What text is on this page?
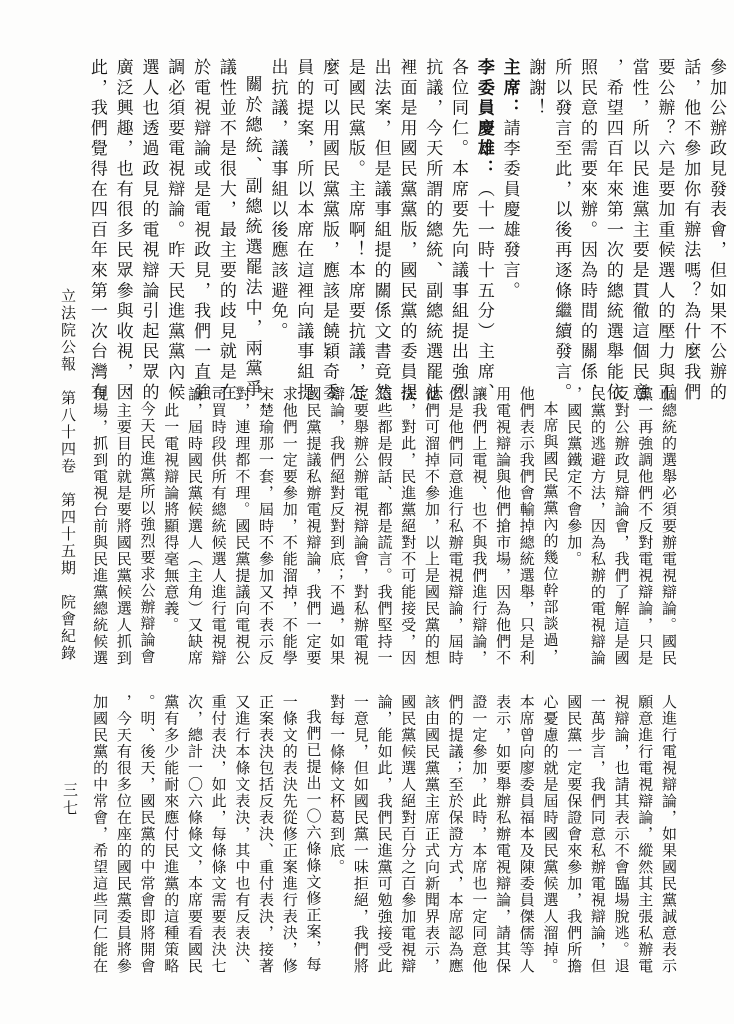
立法院公報　第八十四卷　第四十五期　院會紀錄
三七

參加公辦政見發表會，但如果不公辦的話，他不參加你有辦法嗎？為什麼我們要公辦？六是要加重候選人的壓力與正當性，所以民進黨主要是貫徹這個民意，希望四百年來第一次的總統選舉能依照民意的需要來辦。因為時間的關係，所以發言至此，以後再逐條繼續發言。謝謝！

主席：請李委員慶雄發言。

李委員慶雄：（十一時十五分）主席、各位同仁。本席要先向議事組提出強烈抗議，今天所謂的總統、副總統選罷法裡面是用國民黨黨版，國民黨的委員提出法案，但是議事組提的關係文書竟然是國民黨版。主席啊！本席要抗議，怎麼可以用國民黨黨版，應該是饒穎奇委員的提案，所以本席在這裡向議事組提出抗議，議事組以後應該避免。

關於總統、副總統選罷法中，兩黨爭議性並不是很大，最主要的歧見就是在於電視辯論或是電視政見，我們一直強調必須要電視辯論。昨天民進黨黨內候選人也透過政見的電視辯論引起民眾的廣泛興趣，也有很多民眾參與收視，因此，我們覺得在四百年來第一次台灣有

個總統的選舉必須要辦電視辯論。國民黨一再強調他們不反對電視辯論，只是反對公辦政見辯論會，我們了解這是國民黨的逃避方法，因為私辦的電視辯論，國民黨鐵定不會參加。

本席與國民黨黨內的幾位幹部談過，他們表示我們會輸掉總統選舉，只是利用電視辯論與他們搶市場，因為他們不讓我們上電視、也不與我們進行辯論，但是他們同意進行私辦電視辯論，屆時他們可溜掉不參加，以上是國民黨的想法，對此，民進黨絕對不可能接受，因這些都是假話、都是謊言。我們堅持一定要舉辦公辦電視辯論會，對私辦電視辯論，我們絕對反對到底；不過，如果國民黨提議私辦電視辯論，我們一定要求他們一定要參加，不能溜掉，不能學宋楚瑜那一套，屆時不參加又不表示反對，連理都不理。國民黨提議向電視公司買時段供所有總統候選人進行電視辯論，屆時國民黨候選人（主角）又缺席，此一電視辯論將顯得毫無意義。

今天民進黨所以強烈要求公辦辯論會，主要目的就是要將國民黨候選人抓到現場，抓到電視台前與民進黨總統候選

人進行電視辯論，如果國民黨誠意表示願意進行電視辯論，縱然其主張私辦電視辯論，也請其表示不會臨場脫逃。退一萬步言，我們同意私辦電視辯論，但國民黨一定要保證會來參加，我們所擔心憂慮的就是屆時國民黨候選人溜掉。本席曾向廖委員福本及陳委員傑儒等人表示，如要舉辦私辦電視辯論，請其保證一定參加，此時，本席也一定同意他們的提議；至於保證方式，本席認為應該由國民黨黨主席正式向新聞界表示，國民黨候選人絕對百分之百參加電視辯論，能如此，我們民進黨可勉強接受此一意見，但如國民黨一味拒絕，我們將對每一條條文杯葛到底。

我們已提出一〇六條條文修正案，每一條文的表決先從修正案進行表決，修正案表決包括反表決、重付表決，接著又進行本條文表決，其中也有反表決、重付表決，如此，每條條文需要表決七次，總計一〇六條條文，本席要看國民黨有多少能耐來應付民進黨的這種策略。明、後天，國民黨的中常會即將開會，今天有很多位在座的國民黨委員將參加國民黨的中常會，希望這些同仁能在
